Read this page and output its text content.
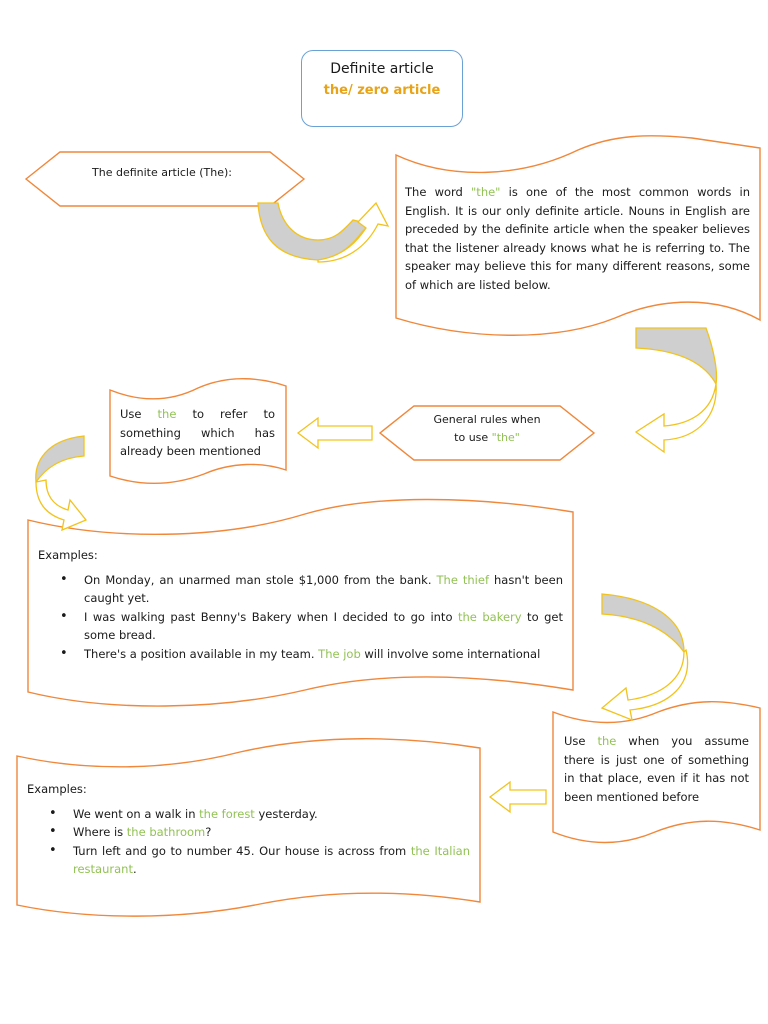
Definite article
the/ zero article
The definite article (The):
The word "the" is one of the most common words in English. It is our only definite article. Nouns in English are preceded by the definite article when the speaker believes that the listener already knows what he is referring to. The speaker may believe this for many different reasons, some of which are listed below.
General rules when
to use "the"
Use the to refer to something which has already been mentioned
Examples:
• On Monday, an unarmed man stole $1,000 from the bank. The thief hasn't been caught yet.
• I was walking past Benny's Bakery when I decided to go into the bakery to get some bread.
• There's a position available in my team. The job will involve some international
Use the when you assume there is just one of something in that place, even if it has not been mentioned before
Examples:
• We went on a walk in the forest yesterday.
• Where is the bathroom?
• Turn left and go to number 45. Our house is across from the Italian restaurant.
